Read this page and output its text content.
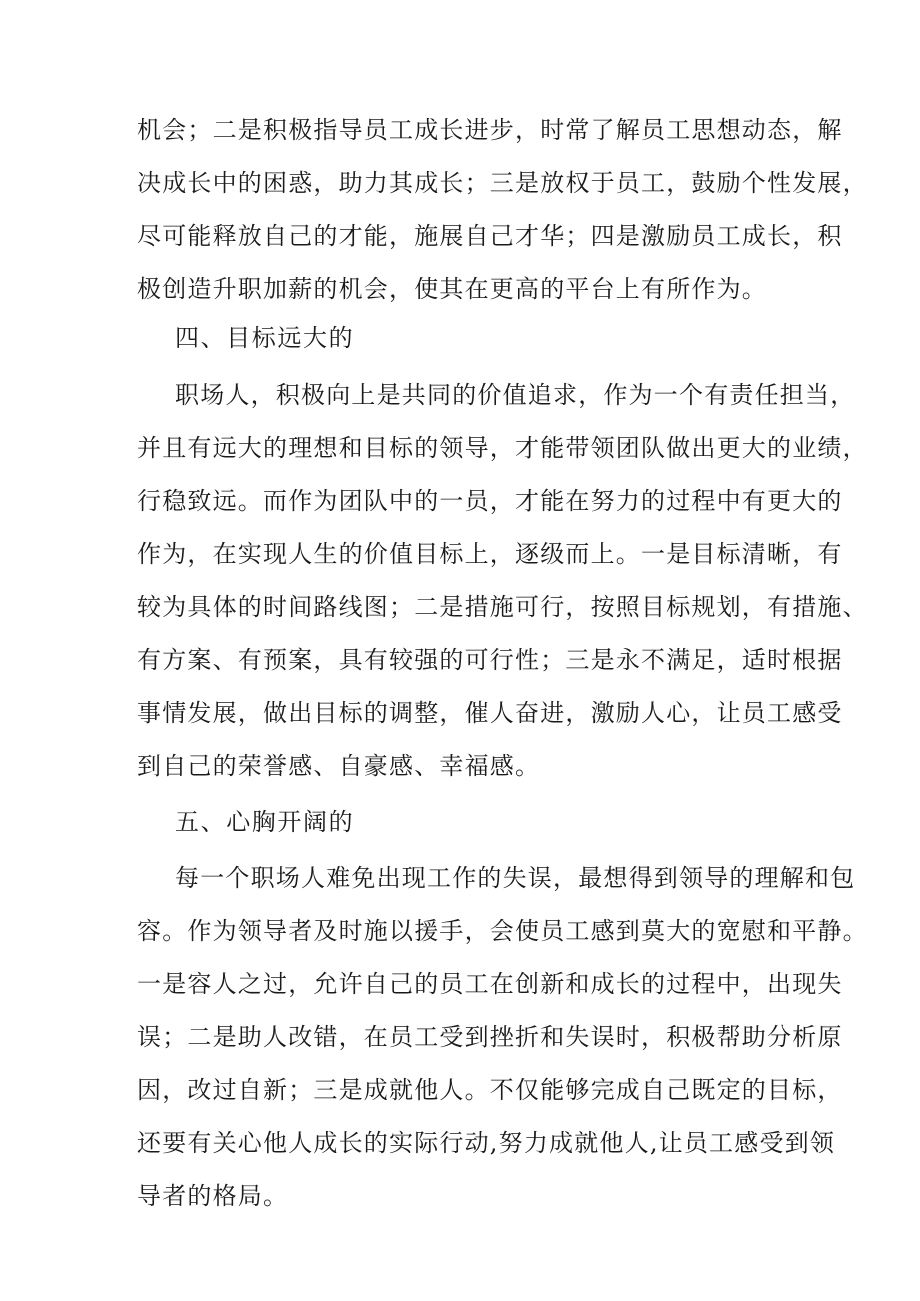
机会；二是积极指导员工成长进步，时常了解员工思想动态，解
决成长中的困惑，助力其成长；三是放权于员工，鼓励个性发展，
尽可能释放自己的才能，施展自己才华；四是激励员工成长，积
极创造升职加薪的机会，使其在更高的平台上有所作为。
四、目标远大的
职场人，积极向上是共同的价值追求，作为一个有责任担当，
并且有远大的理想和目标的领导，才能带领团队做出更大的业绩，
行稳致远。而作为团队中的一员，才能在努力的过程中有更大的
作为，在实现人生的价值目标上，逐级而上。一是目标清晰，有
较为具体的时间路线图；二是措施可行，按照目标规划，有措施、
有方案、有预案，具有较强的可行性；三是永不满足，适时根据
事情发展，做出目标的调整，催人奋进，激励人心，让员工感受
到自己的荣誉感、自豪感、幸福感。
五、心胸开阔的
每一个职场人难免出现工作的失误，最想得到领导的理解和包
容。作为领导者及时施以援手，会使员工感到莫大的宽慰和平静。
一是容人之过，允许自己的员工在创新和成长的过程中，出现失
误；二是助人改错，在员工受到挫折和失误时，积极帮助分析原
因，改过自新；三是成就他人。不仅能够完成自己既定的目标，
还要有关心他人成长的实际行动,努力成就他人,让员工感受到领
导者的格局。
